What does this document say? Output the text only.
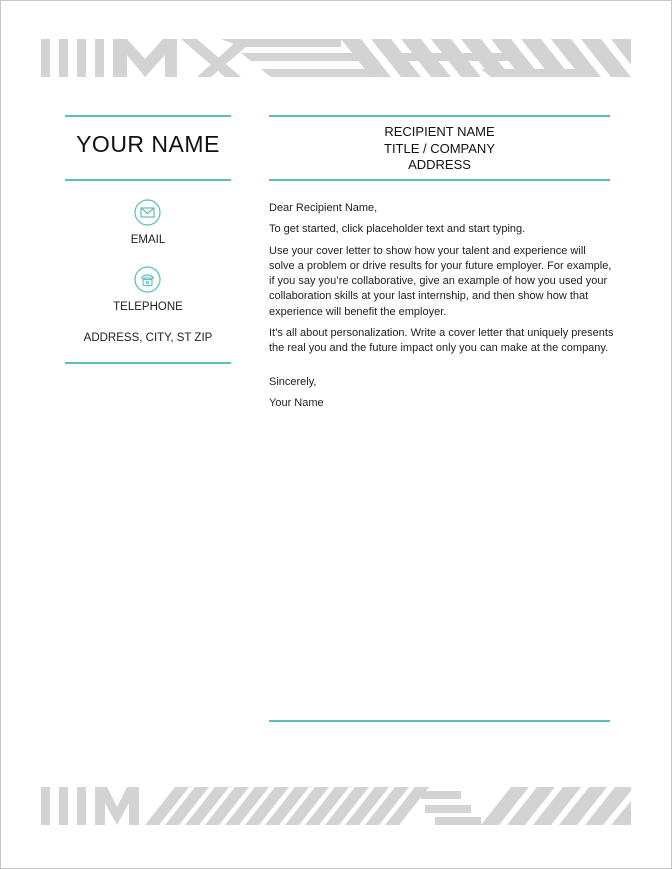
YOUR NAME
EMAIL
TELEPHONE
ADDRESS, CITY, ST ZIP
RECIPIENT NAME
TITLE / COMPANY
ADDRESS

Dear Recipient Name,

To get started, click placeholder text and start typing.

Use your cover letter to show how your talent and experience will solve a problem or drive results for your future employer. For example, if you say you’re collaborative, give an example of how you used your collaboration skills at your last internship, and then show how that experience will benefit the employer.

It’s all about personalization. Write a cover letter that uniquely presents the real you and the future impact only you can make at the company.

Sincerely,

Your Name
